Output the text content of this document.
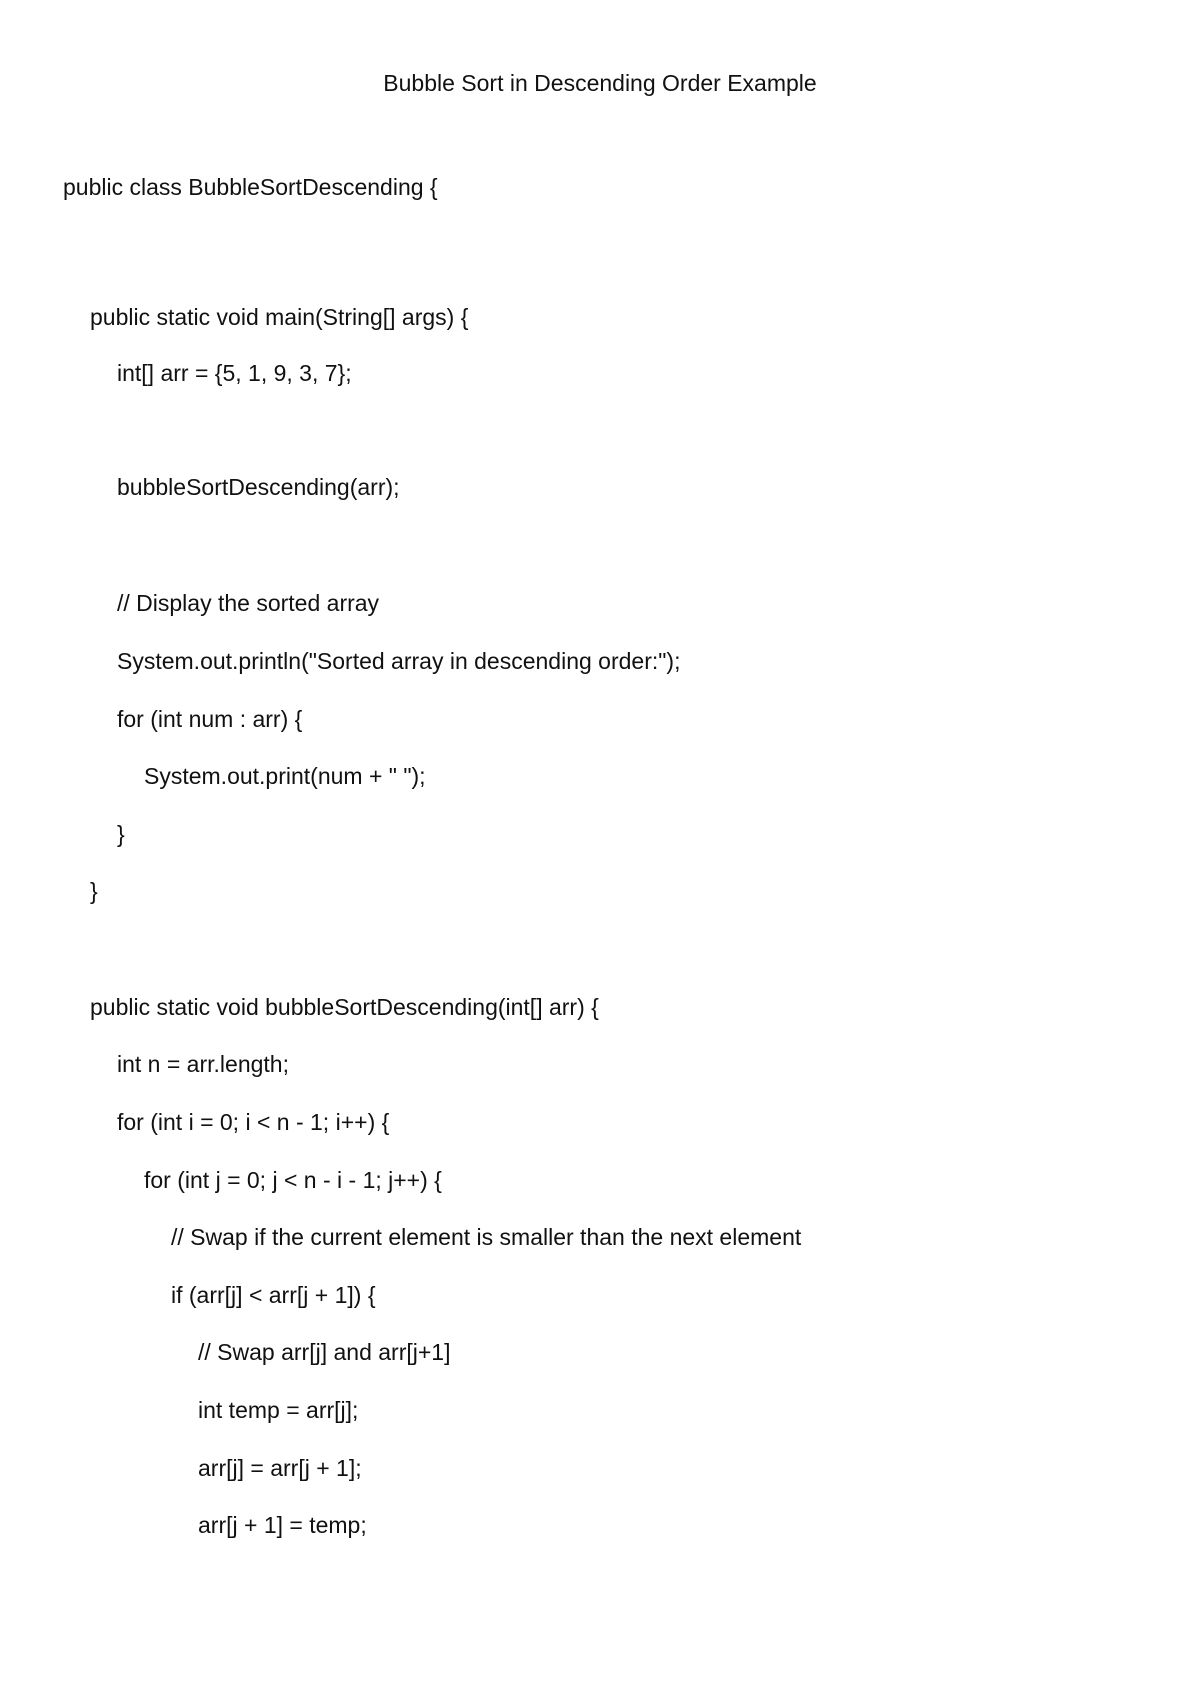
Bubble Sort in Descending Order Example
public class BubbleSortDescending {
public static void main(String[] args) {
int[] arr = {5, 1, 9, 3, 7};
bubbleSortDescending(arr);
// Display the sorted array
System.out.println("Sorted array in descending order:");
for (int num : arr) {
System.out.print(num + " ");
}
}
public static void bubbleSortDescending(int[] arr) {
int n = arr.length;
for (int i = 0; i < n - 1; i++) {
for (int j = 0; j < n - i - 1; j++) {
// Swap if the current element is smaller than the next element
if (arr[j] < arr[j + 1]) {
// Swap arr[j] and arr[j+1]
int temp = arr[j];
arr[j] = arr[j + 1];
arr[j + 1] = temp;
